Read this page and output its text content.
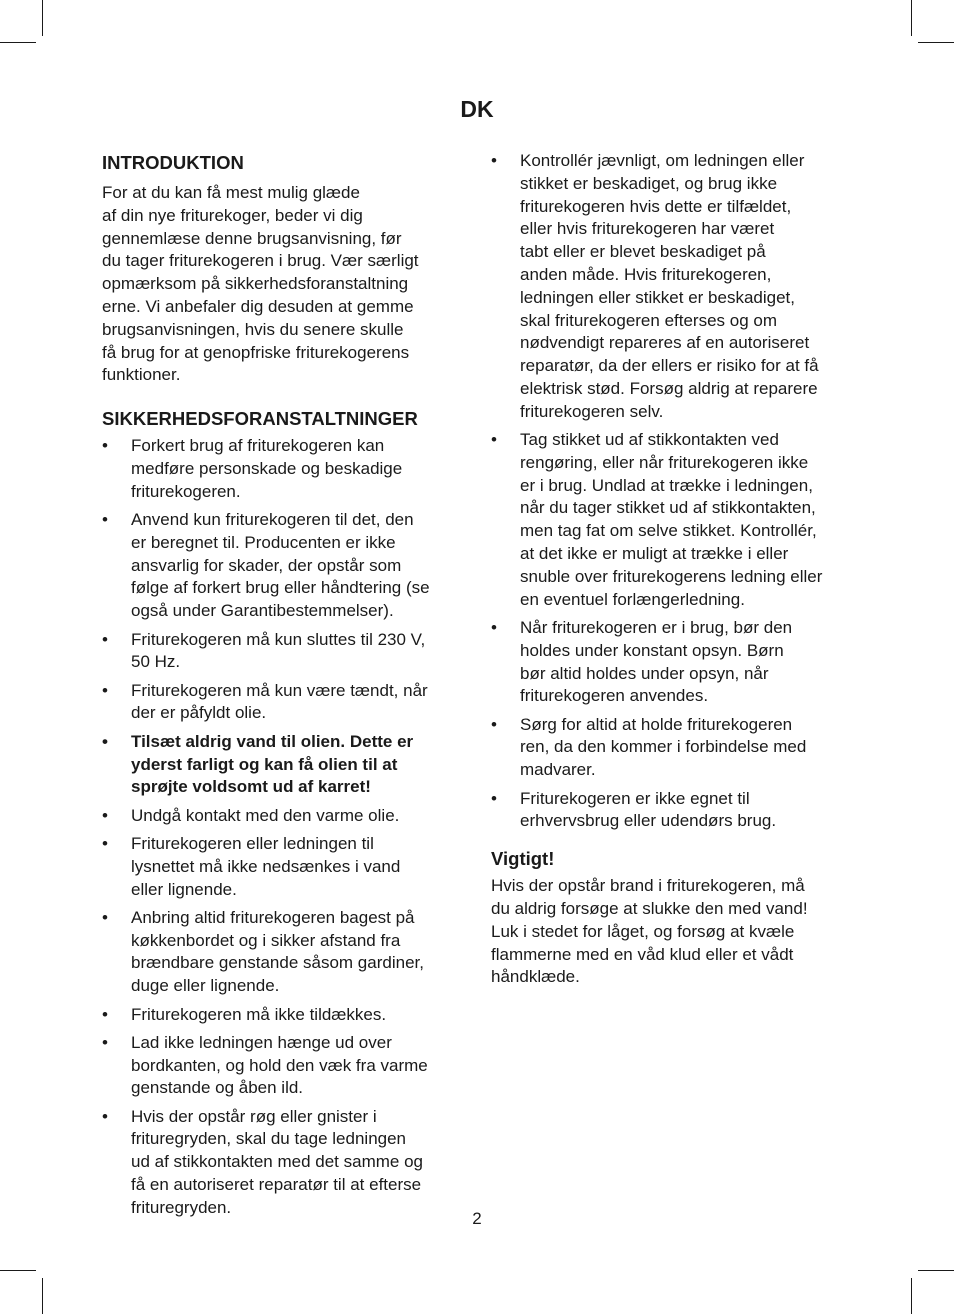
DK
INTRODUKTION

For at du kan få mest mulig glæde
af din nye friturekoger, beder vi dig
gennemlæse denne brugsanvisning, før
du tager friturekogeren i brug. Vær særligt
opmærksom på sikkerhedsforanstaltning
erne. Vi anbefaler dig desuden at gemme
brugsanvisningen, hvis du senere skulle
få brug for at genopfriske friturekogerens
funktioner.

SIKKERHEDSFORANSTALTNINGER
• Forkert brug af friturekogeren kan
medføre personskade og beskadige
friturekogeren.
• Anvend kun friturekogeren til det, den
er beregnet til. Producenten er ikke
ansvarlig for skader, der opstår som
følge af forkert brug eller håndtering (se
også under Garantibestemmelser).
• Friturekogeren må kun sluttes til 230 V,
50 Hz.
• Friturekogeren må kun være tændt, når
der er påfyldt olie.
• Tilsæt aldrig vand til olien. Dette er
yderst farligt og kan få olien til at
sprøjte voldsomt ud af karret!
• Undgå kontakt med den varme olie.
• Friturekogeren eller ledningen til
lysnettet må ikke nedsænkes i vand
eller lignende.
• Anbring altid friturekogeren bagest på
køkkenbordet og i sikker afstand fra
brændbare genstande såsom gardiner,
duge eller lignende.
• Friturekogeren må ikke tildækkes.
• Lad ikke ledningen hænge ud over
bordkanten, og hold den væk fra varme
genstande og åben ild.
• Hvis der opstår røg eller gnister i
frituregryden, skal du tage ledningen
ud af stikkontakten med det samme og
få en autoriseret reparatør til at efterse
frituregryden.
• Kontrollér jævnligt, om ledningen eller
stikket er beskadiget, og brug ikke
friturekogeren hvis dette er tilfældet,
eller hvis friturekogeren har været
tabt eller er blevet beskadiget på
anden måde. Hvis friturekogeren,
ledningen eller stikket er beskadiget,
skal friturekogeren efterses og om
nødvendigt repareres af en autoriseret
reparatør, da der ellers er risiko for at få
elektrisk stød. Forsøg aldrig at reparere
friturekogeren selv.
• Tag stikket ud af stikkontakten ved
rengøring, eller når friturekogeren ikke
er i brug. Undlad at trække i ledningen,
når du tager stikket ud af stikkontakten,
men tag fat om selve stikket. Kontrollér,
at det ikke er muligt at trække i eller
snuble over friturekogerens ledning eller
en eventuel forlængerledning.
• Når friturekogeren er i brug, bør den
holdes under konstant opsyn. Børn
bør altid holdes under opsyn, når
friturekogeren anvendes.
• Sørg for altid at holde friturekogeren
ren, da den kommer i forbindelse med
madvarer.
• Friturekogeren er ikke egnet til
erhvervsbrug eller udendørs brug.
Vigtigt!

Hvis der opstår brand i friturekogeren, må
du aldrig forsøge at slukke den med vand!
Luk i stedet for låget, og forsøg at kvæle
flammerne med en våd klud eller et vådt
håndklæde.

2
